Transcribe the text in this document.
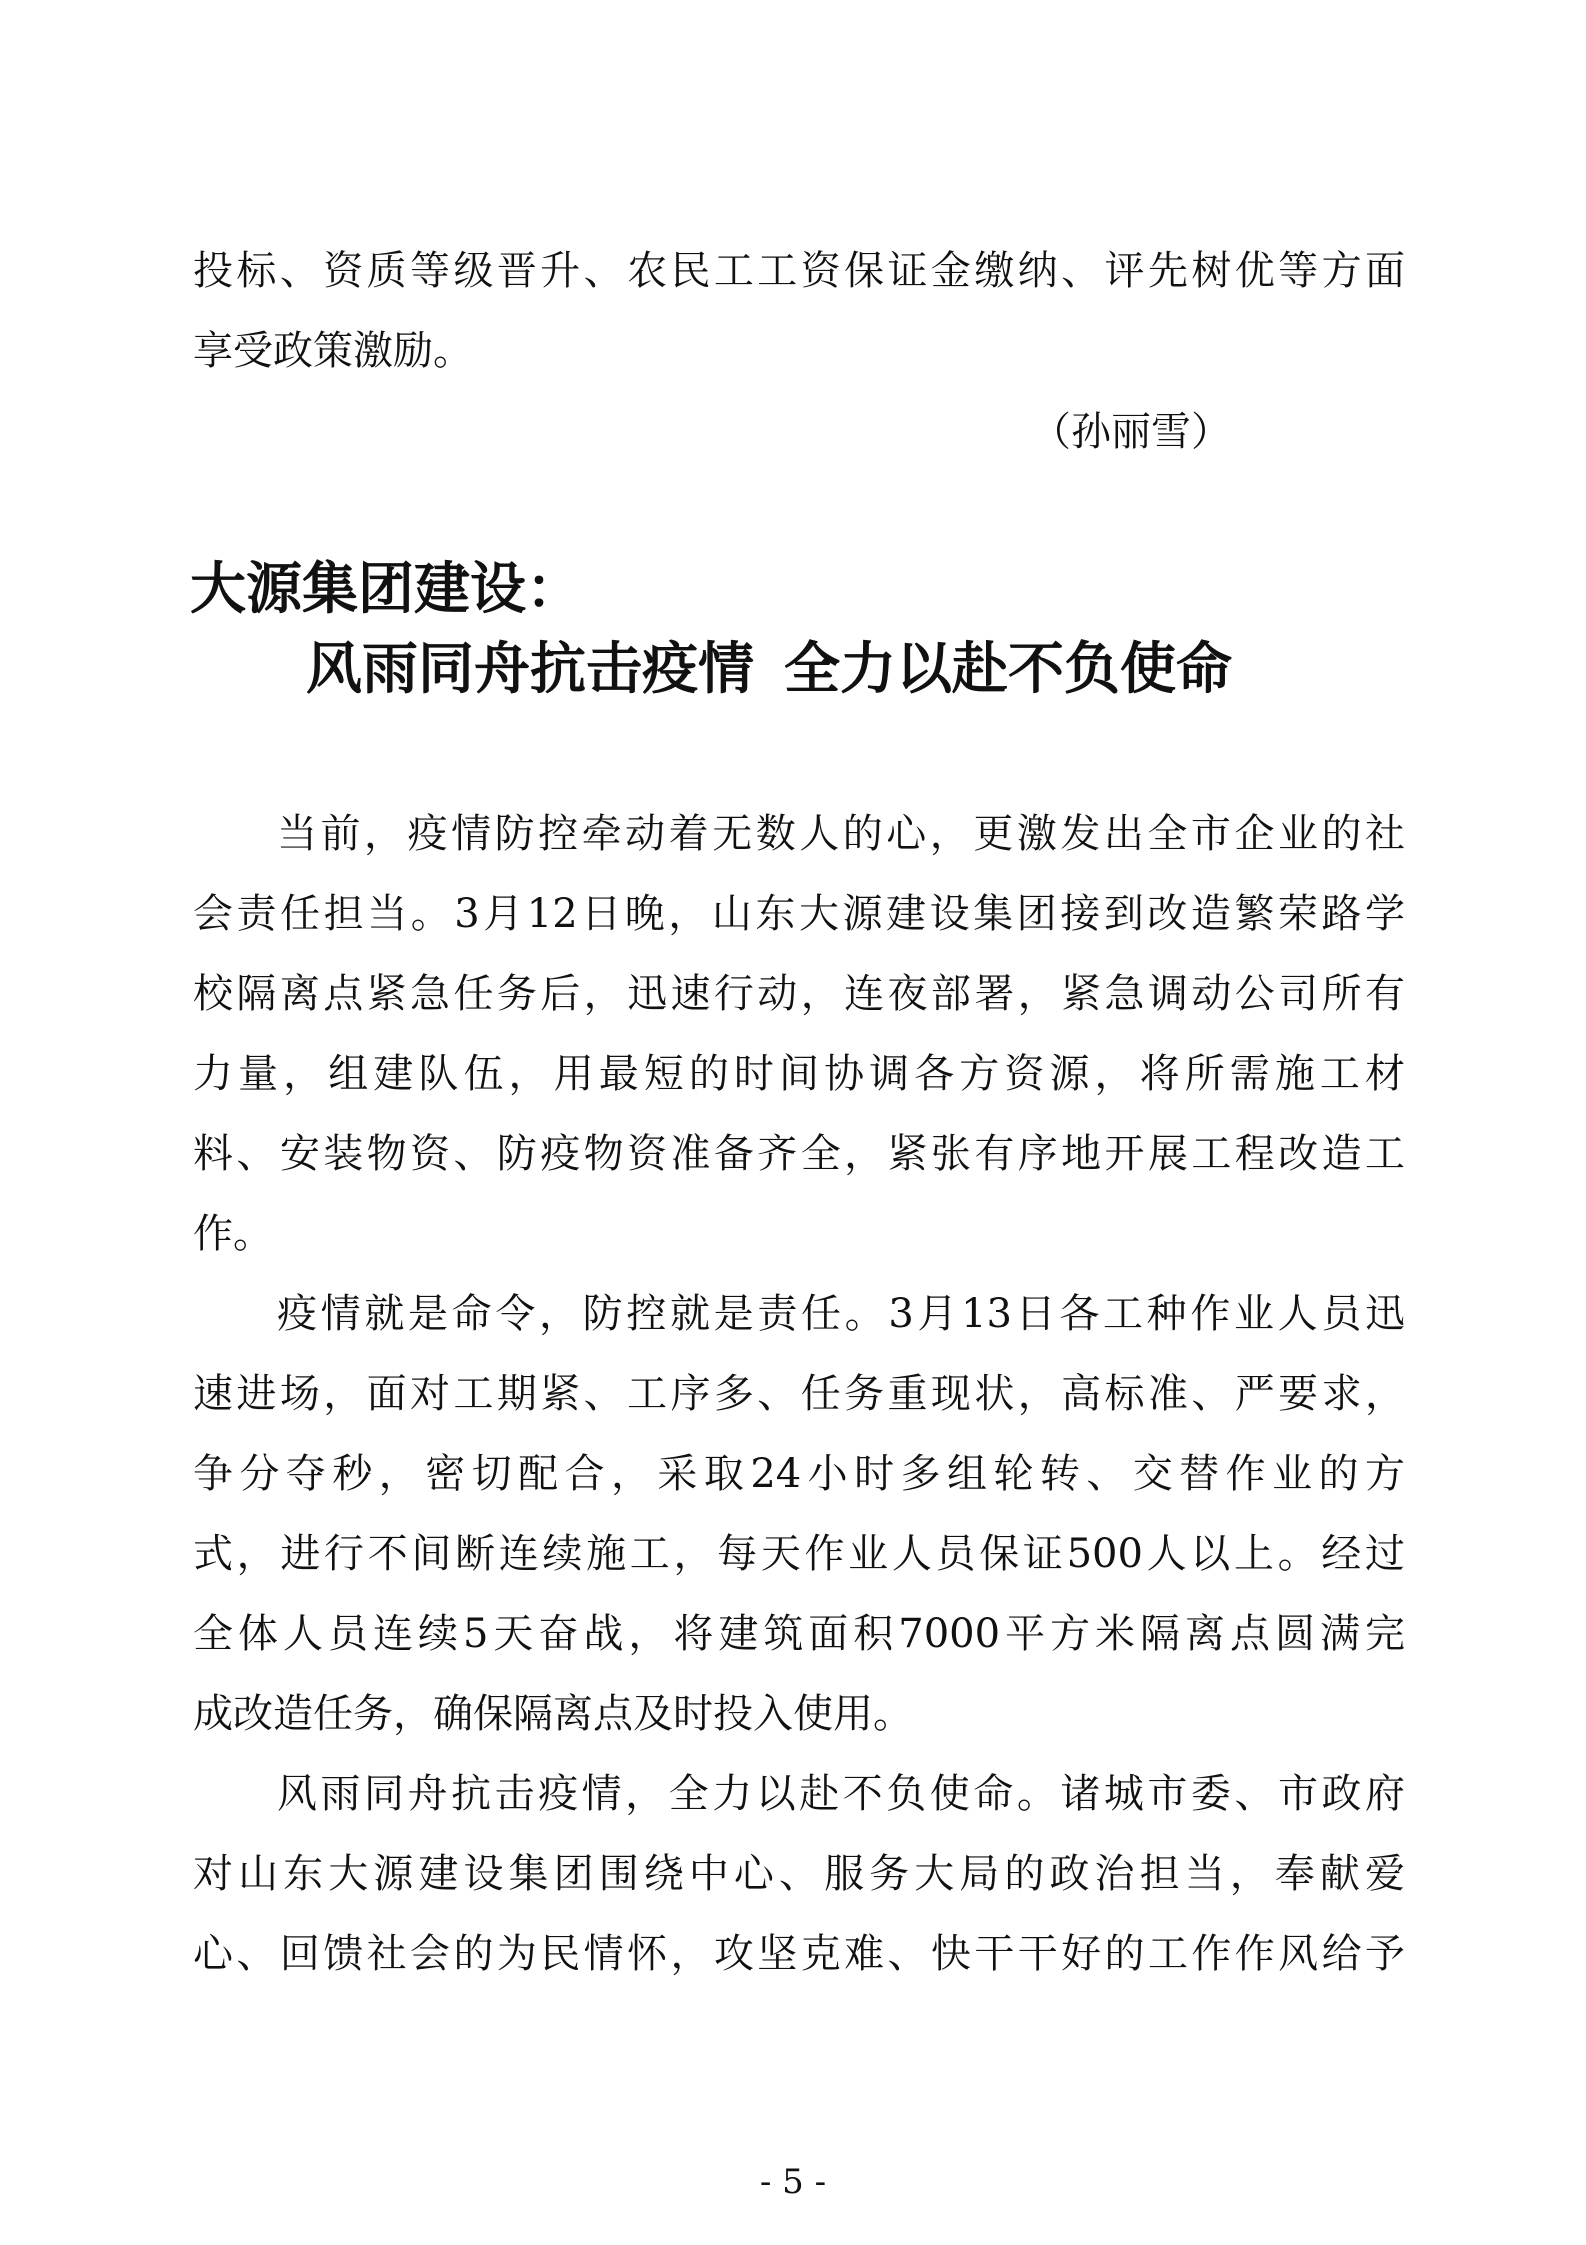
投标、资质等级晋升、农民工工资保证金缴纳、评先树优等方面
享受政策激励。
（孙丽雪）
大源集团建设：
风雨同舟抗击疫情 全力以赴不负使命
当前，疫情防控牵动着无数人的心，更激发出全市企业的社
会责任担当。3月12日晚，山东大源建设集团接到改造繁荣路学
校隔离点紧急任务后，迅速行动，连夜部署，紧急调动公司所有
力量，组建队伍，用最短的时间协调各方资源，将所需施工材
料、安装物资、防疫物资准备齐全，紧张有序地开展工程改造工
作。
疫情就是命令，防控就是责任。3月13日各工种作业人员迅
速进场，面对工期紧、工序多、任务重现状，高标准、严要求，
争分夺秒，密切配合，采取24小时多组轮转、交替作业的方
式，进行不间断连续施工，每天作业人员保证500人以上。经过
全体人员连续5天奋战，将建筑面积7000平方米隔离点圆满完
成改造任务，确保隔离点及时投入使用。
风雨同舟抗击疫情，全力以赴不负使命。诸城市委、市政府
对山东大源建设集团围绕中心、服务大局的政治担当，奉献爱
心、回馈社会的为民情怀，攻坚克难、快干干好的工作作风给予
- 5 -
